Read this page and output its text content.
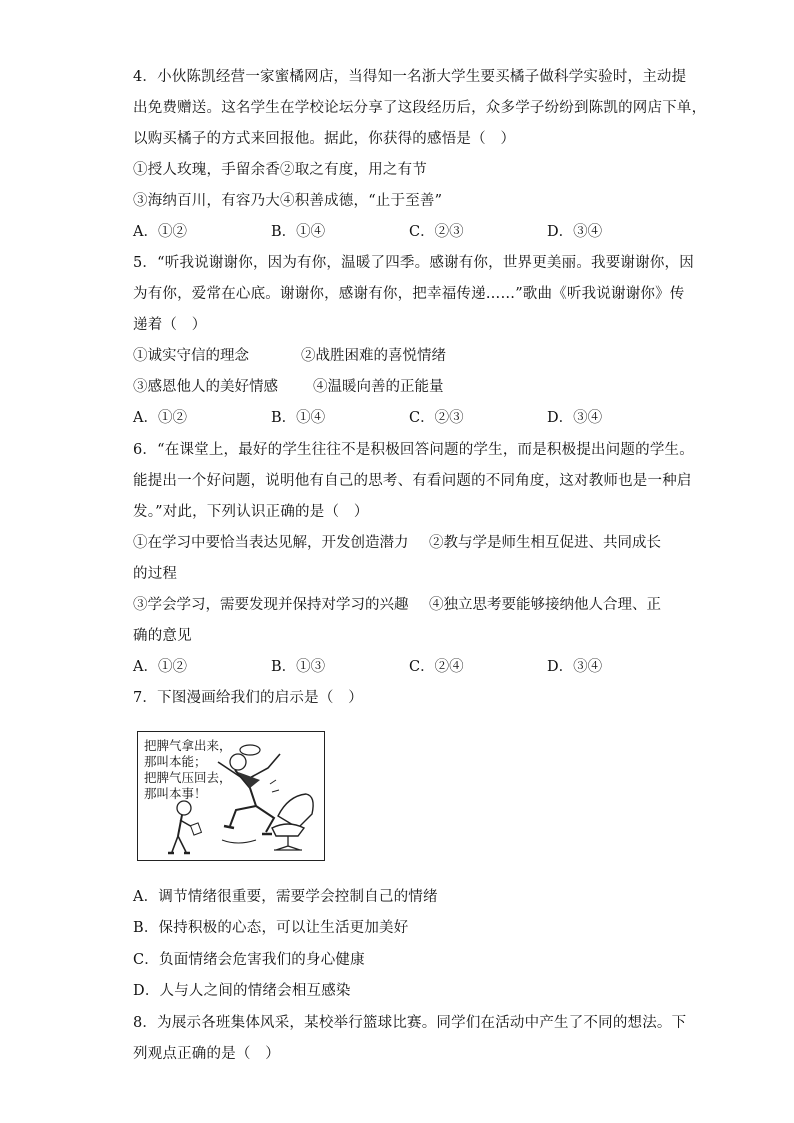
4．小伙陈凯经营一家蜜橘网店，当得知一名浙大学生要买橘子做科学实验时，主动提
出免费赠送。这名学生在学校论坛分享了这段经历后，众多学子纷纷到陈凯的网店下单，
以购买橘子的方式来回报他。据此，你获得的感悟是（　）
①授人玫瑰，手留余香②取之有度，用之有节
③海纳百川，有容乃大④积善成德，“止于至善”
A．①②	B．①④	C．②③	D．③④
5．“听我说谢谢你，因为有你，温暖了四季。感谢有你，世界更美丽。我要谢谢你，因
为有你，爱常在心底。谢谢你，感谢有你，把幸福传递……”歌曲《听我说谢谢你》传
递着（　）
①诚实守信的理念	②战胜困难的喜悦情绪
③感恩他人的美好情感 ④温暖向善的正能量
A．①②	B．①④	C．②③	D．③④
6．“在课堂上，最好的学生往往不是积极回答问题的学生，而是积极提出问题的学生。
能提出一个好问题，说明他有自己的思考、有看问题的不同角度，这对教师也是一种启
发。”对此，下列认识正确的是（　）
①在学习中要恰当表达见解，开发创造潜力 ②教与学是师生相互促进、共同成长
的过程
③学会学习，需要发现并保持对学习的兴趣 ④独立思考要能够接纳他人合理、正
确的意见
A．①②	B．①③	C．②④	D．③④
7．下图漫画给我们的启示是（　）
把脾气拿出来，
那叫本能；
把脾气压回去，
那叫本事！
A．调节情绪很重要，需要学会控制自己的情绪
B．保持积极的心态，可以让生活更加美好
C．负面情绪会危害我们的身心健康
D．人与人之间的情绪会相互感染
8．为展示各班集体风采，某校举行篮球比赛。同学们在活动中产生了不同的想法。下
列观点正确的是（　）
